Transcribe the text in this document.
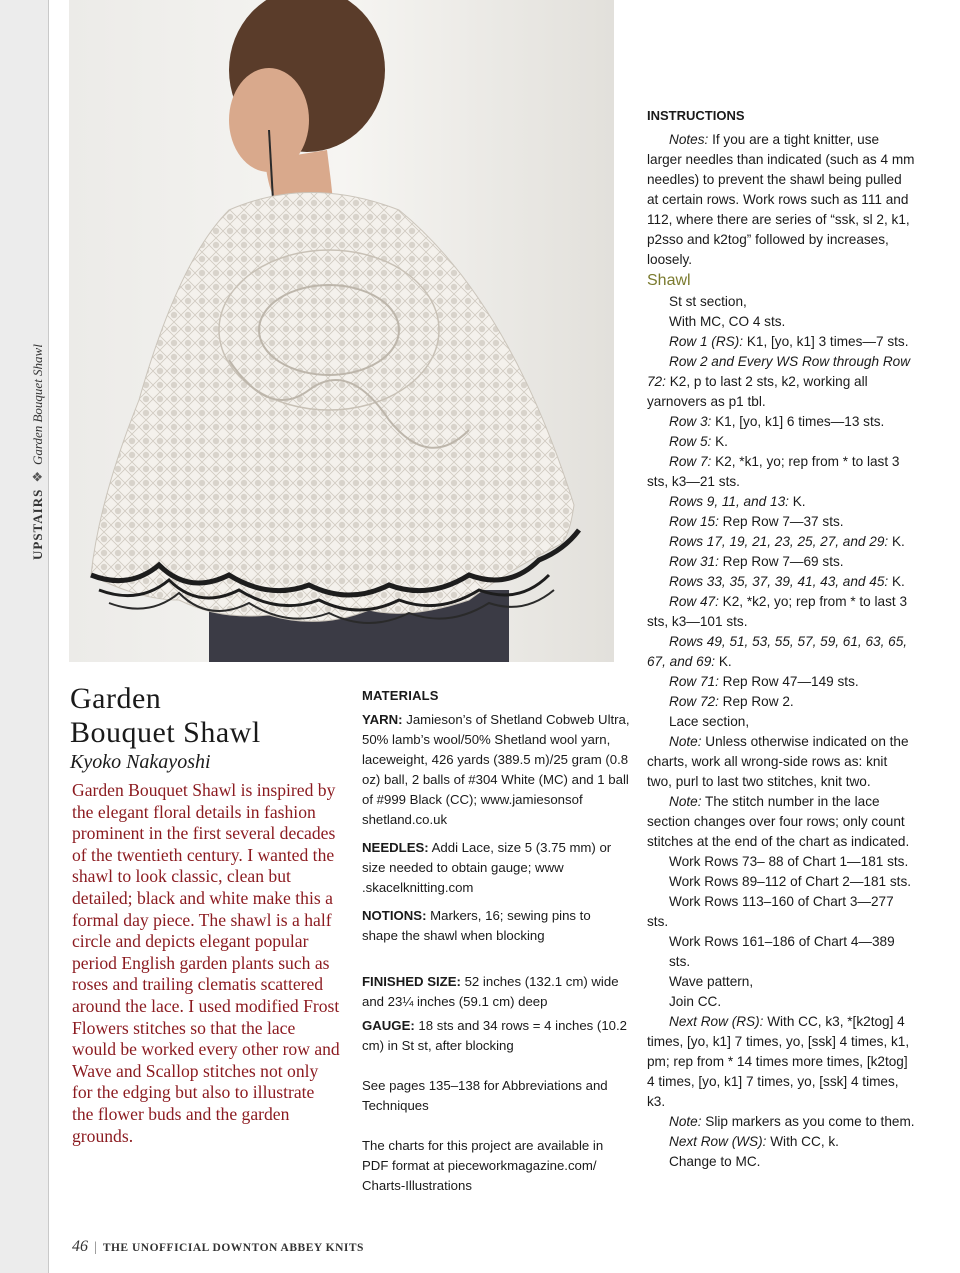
UPSTAIRS❖Garden Bouquet Shawl
Garden
Bouquet Shawl
Kyoko Nakayoshi

Garden Bouquet Shawl is inspired by the elegant floral details in fashion prominent in the first several decades of the twentieth century. I wanted the shawl to look classic, clean but detailed; black and white make this a formal day piece. The shawl is a half circle and depicts elegant popular period English garden plants such as roses and trailing clematis scattered around the lace. I used modified Frost Flowers stitches so that the lace would be worked every other row and Wave and Scallop stitches not only for the edging but also to illustrate the flower buds and the garden grounds.

MATERIALS

YARN: Jamieson’s of Shetland Cobweb Ultra, 50% lamb’s wool/50% Shetland wool yarn, laceweight, 426 yards (389.5 m)/25 gram (0.8 oz) ball, 2 balls of #304 White (MC) and 1 ball of #999 Black (CC); www.jamiesonsof shetland.co.uk

NEEDLES: Addi Lace, size 5 (3.75 mm) or size needed to obtain gauge; www .skacelknitting.com

NOTIONS: Markers, 16; sewing pins to shape the shawl when blocking

FINISHED SIZE: 52 inches (132.1 cm) wide and 23¼ inches (59.1 cm) deep

GAUGE: 18 sts and 34 rows = 4 inches (10.2 cm) in St st, after blocking

See pages 135–138 for Abbreviations and Techniques

The charts for this project are available in PDF format at pieceworkmagazine.com/ Charts-Illustrations

INSTRUCTIONS

Notes: If you are a tight knitter, use larger needles than indicated (such as 4 mm needles) to prevent the shawl being pulled at certain rows. Work rows such as 111 and 112, where there are series of “ssk, sl 2, k1, p2sso and k2tog” followed by increases, loosely.

Shawl

St st section,

With MC, CO 4 sts.

Row 1 (RS): K1, [yo, k1] 3 times—7 sts.

Row 2 and Every WS Row through Row 72: K2, p to last 2 sts, k2, working all yarnovers as p1 tbl.

Row 3: K1, [yo, k1] 6 times—13 sts.

Row 5: K.

Row 7: K2, *k1, yo; rep from * to last 3 sts, k3—21 sts.

Rows 9, 11, and 13: K.

Row 15: Rep Row 7—37 sts.

Rows 17, 19, 21, 23, 25, 27, and 29: K.

Row 31: Rep Row 7—69 sts.

Rows 33, 35, 37, 39, 41, 43, and 45: K.

Row 47: K2, *k2, yo; rep from * to last 3 sts, k3—101 sts.

Rows 49, 51, 53, 55, 57, 59, 61, 63, 65, 67, and 69: K.

Row 71: Rep Row 47—149 sts.

Row 72: Rep Row 2.

Lace section,

Note: Unless otherwise indicated on the charts, work all wrong-side rows as: knit two, purl to last two stitches, knit two.

Note: The stitch number in the lace section changes over four rows; only count stitches at the end of the chart as indicated.

Work Rows 73– 88 of Chart 1—181 sts.

Work Rows 89–112 of Chart 2—181 sts.

Work Rows 113–160 of Chart 3—277 sts.

Work Rows 161–186 of Chart 4—389 sts.

Wave pattern,

Join CC.

Next Row (RS): With CC, k3, *[k2tog] 4 times, [yo, k1] 7 times, yo, [ssk] 4 times, k1, pm; rep from * 14 times more times, [k2tog] 4 times, [yo, k1] 7 times, yo, [ssk] 4 times, k3.

Note: Slip markers as you come to them.

Next Row (WS): With CC, k.

Change to MC.

46 | THE UNOFFICIAL DOWNTON ABBEY KNITS
